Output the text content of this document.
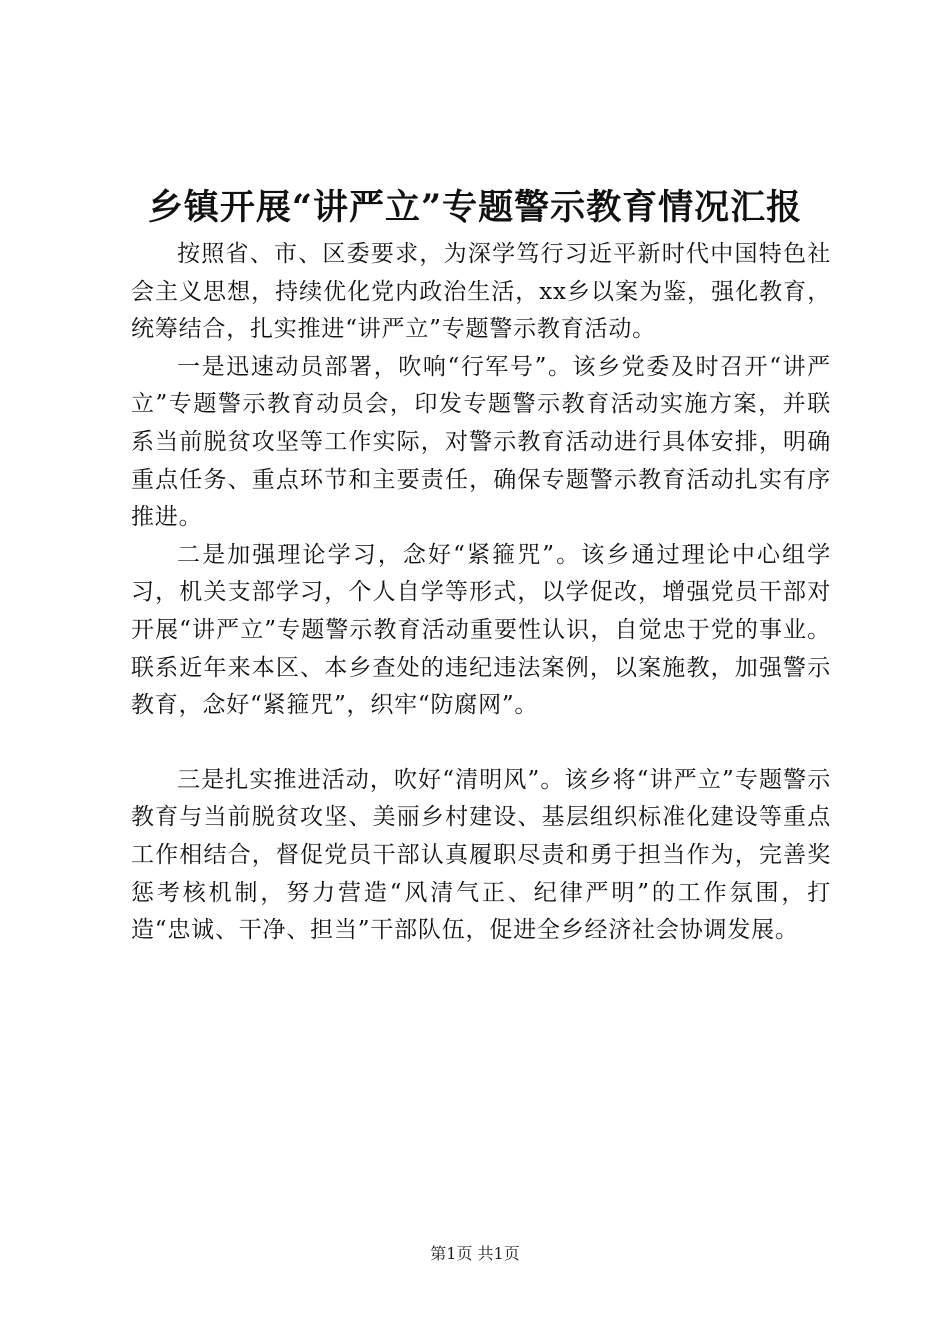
乡镇开展“讲严立”专题警示教育情况汇报

按照省、市、区委要求，为深学笃行习近平新时代中国特色社会主义思想，持续优化党内政治生活，xx乡以案为鉴，强化教育，统筹结合，扎实推进“讲严立”专题警示教育活动。

一是迅速动员部署，吹响“行军号”。该乡党委及时召开“讲严立”专题警示教育动员会，印发专题警示教育活动实施方案，并联系当前脱贫攻坚等工作实际，对警示教育活动进行具体安排，明确重点任务、重点环节和主要责任，确保专题警示教育活动扎实有序推进。

二是加强理论学习，念好“紧箍咒”。该乡通过理论中心组学习，机关支部学习，个人自学等形式，以学促改，增强党员干部对开展“讲严立”专题警示教育活动重要性认识，自觉忠于党的事业。联系近年来本区、本乡查处的违纪违法案例，以案施教，加强警示教育，念好“紧箍咒”，织牢“防腐网”。

三是扎实推进活动，吹好“清明风”。该乡将“讲严立”专题警示教育与当前脱贫攻坚、美丽乡村建设、基层组织标准化建设等重点工作相结合，督促党员干部认真履职尽责和勇于担当作为，完善奖惩考核机制，努力营造“风清气正、纪律严明”的工作氛围，打造“忠诚、干净、担当”干部队伍，促进全乡经济社会协调发展。

第1页 共1页
